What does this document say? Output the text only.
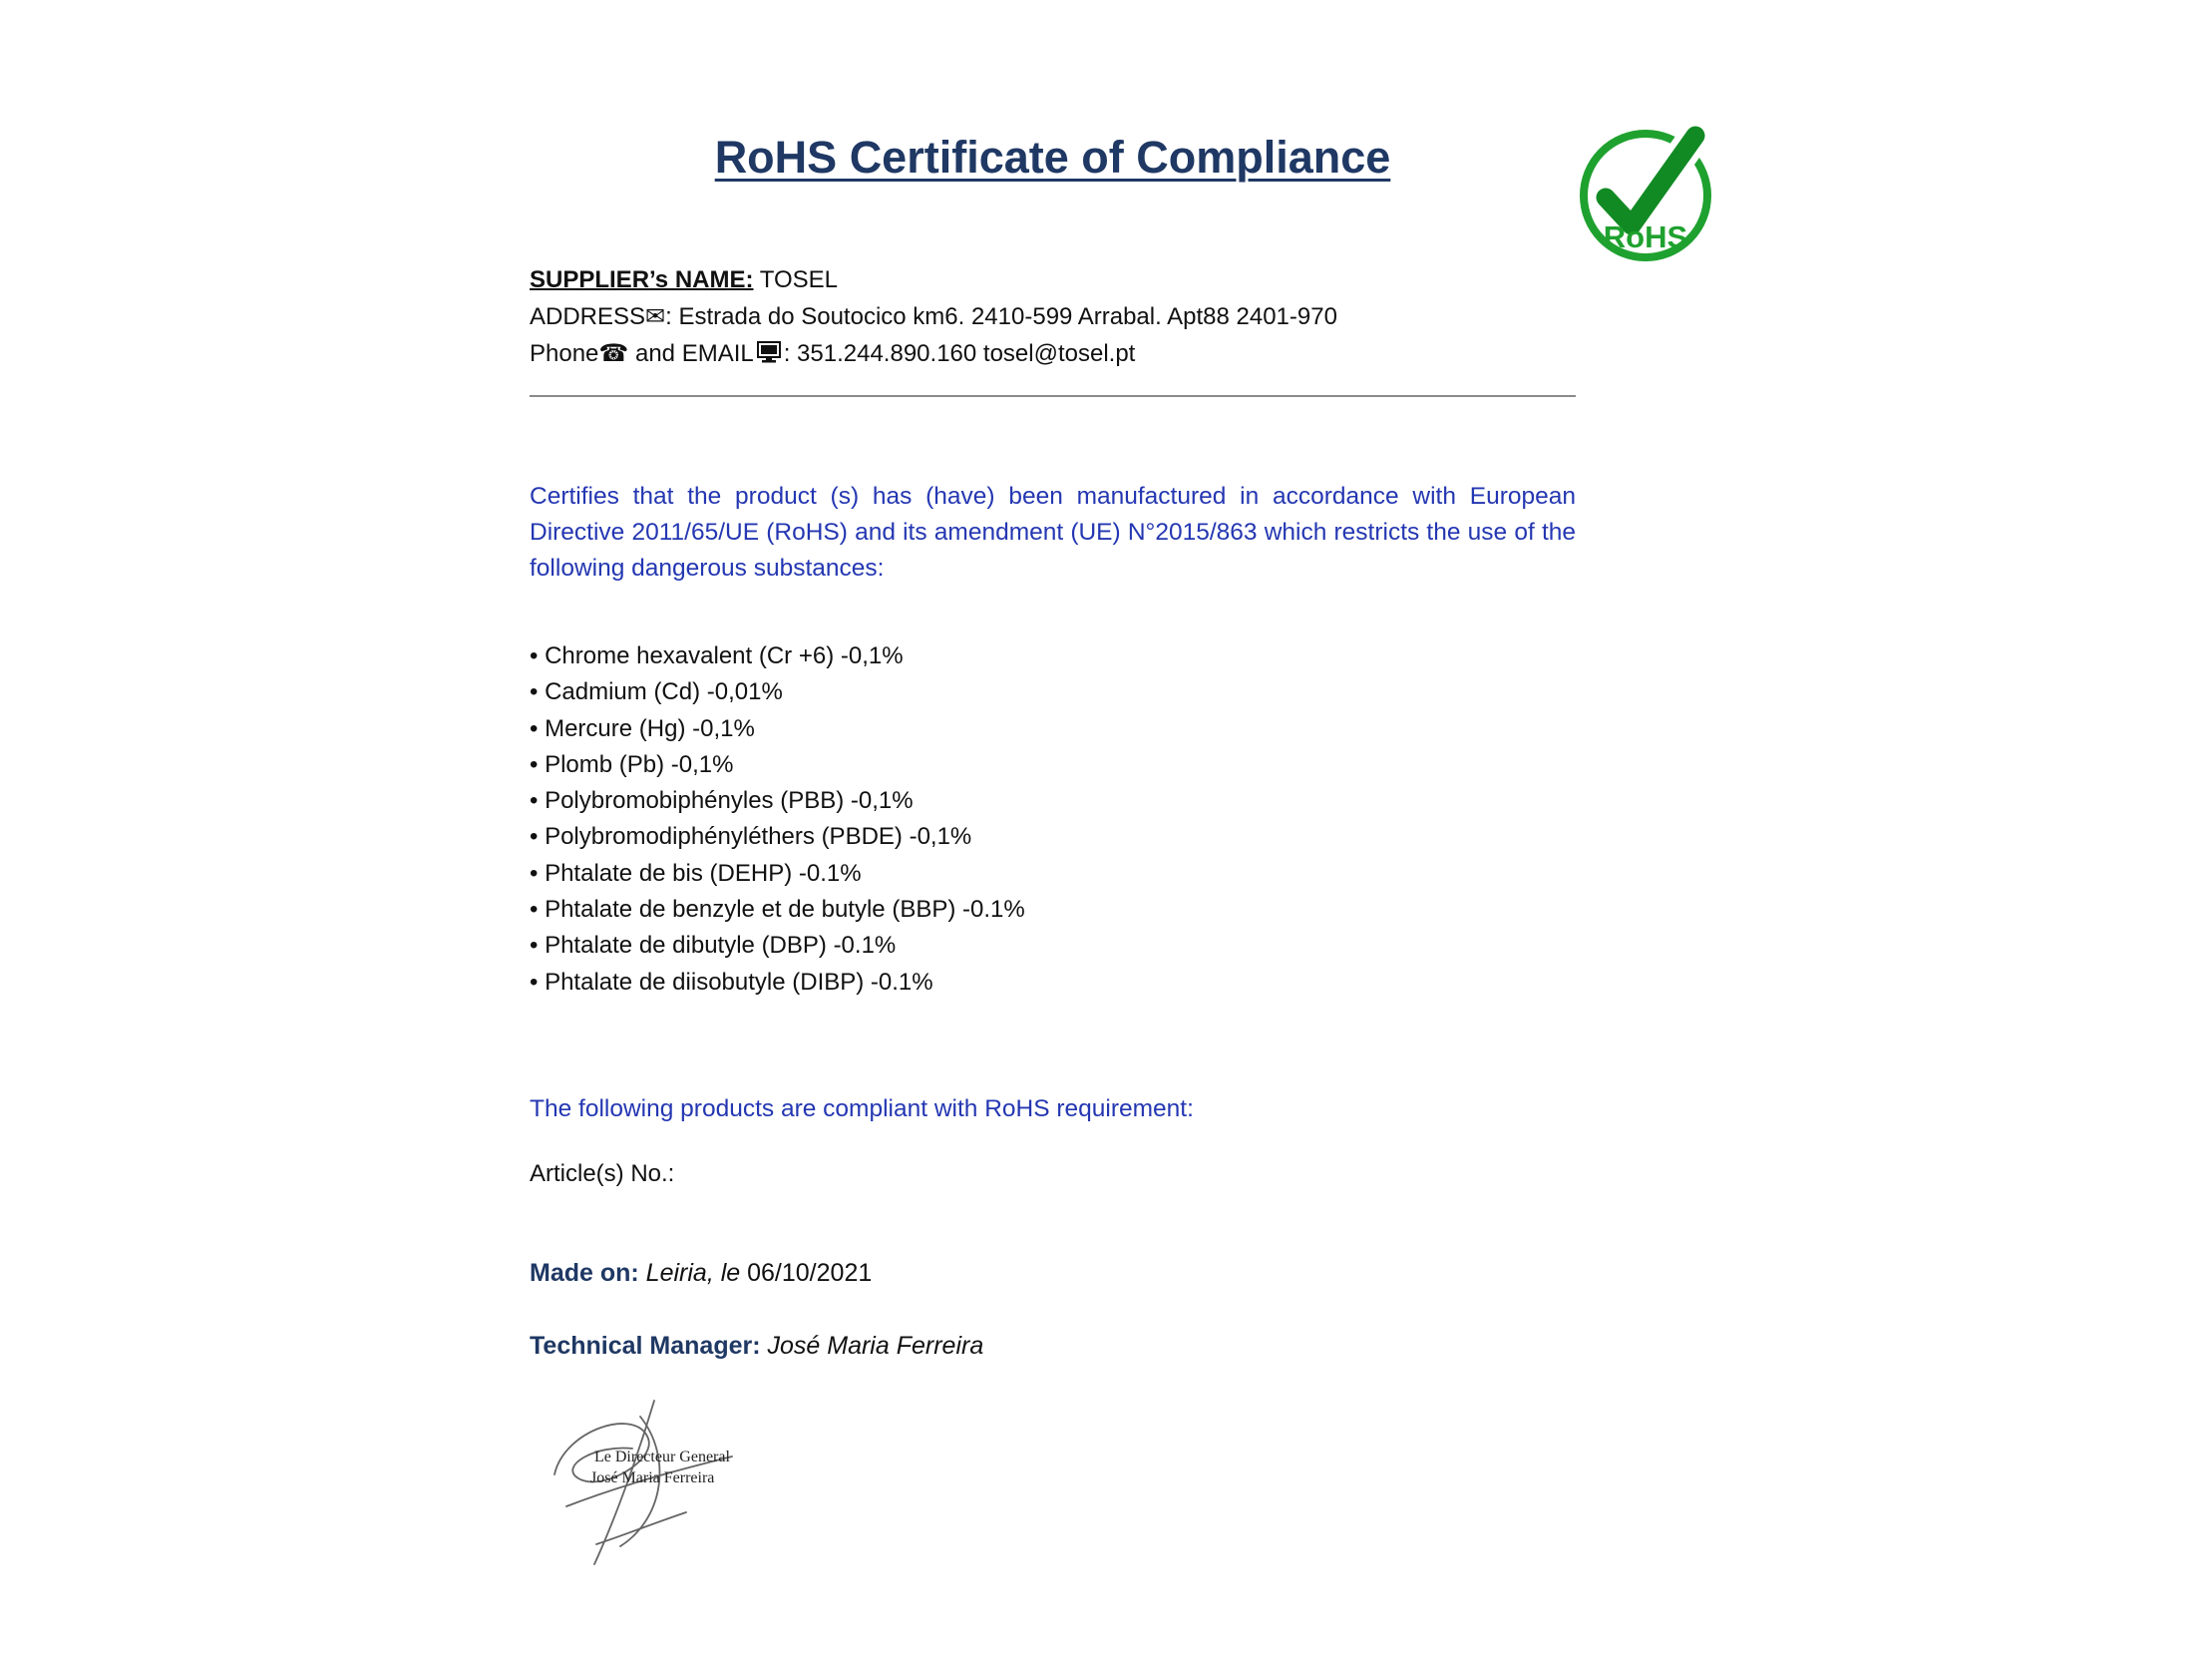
RoHS Certificate of Compliance
RoHS
SUPPLIER’s NAME: TOSEL
ADDRESS✉: Estrada do Soutocico km6. 2410-599 Arrabal. Apt88 2401-970
Phone☎ and EMAIL : 351.244.890.160 tosel@tosel.pt

Certifies that the product (s) has (have) been manufactured in accordance with European Directive 2011/65/UE (RoHS) and its amendment (UE) N°2015/863 which restricts the use of the following dangerous substances:

• Chrome hexavalent (Cr +6) -0,1%
• Cadmium (Cd) -0,01%
• Mercure (Hg) -0,1%
• Plomb (Pb) -0,1%
• Polybromobiphényles (PBB) -0,1%
• Polybromodiphényléthers (PBDE) -0,1%
• Phtalate de bis (DEHP) -0.1%
• Phtalate de benzyle et de butyle (BBP) -0.1%
• Phtalate de dibutyle (DBP) -0.1%
• Phtalate de diisobutyle (DIBP) -0.1%
The following products are compliant with RoHS requirement:
Article(s) No.:
Made on: Leiria, le 06/10/2021
Technical Manager: José Maria Ferreira
Le Directeur General
José Maria Ferreira
